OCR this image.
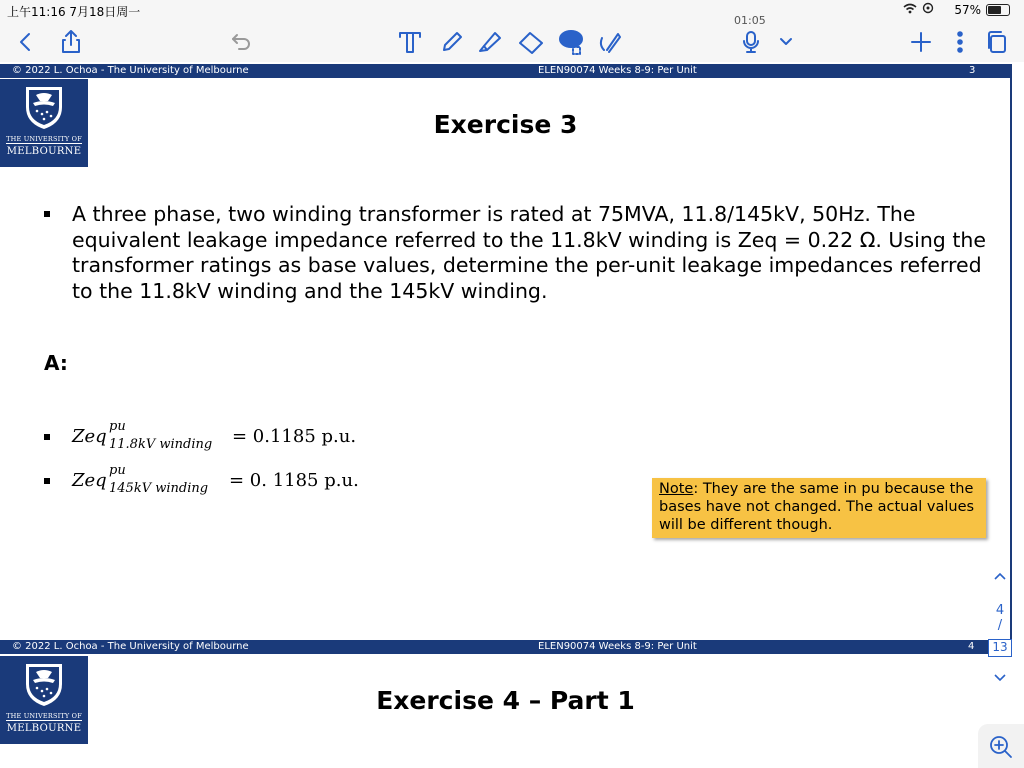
上午11:16 7月18日周一	57%
01:05
© 2022 L. Ochoa - The University of Melbourne	ELEN90074 Weeks 8-9: Per Unit	3
THE UNIVERSITY OF
MELBOURNE
Exercise 3
A three phase, two winding transformer is rated at 75MVA, 11.8/145kV, 50Hz. The equivalent leakage impedance referred to the 11.8kV winding is Zeq = 0.22 Ω. Using the transformer ratings as base values, determine the per-unit leakage impedances referred to the 11.8kV winding and the 145kV winding.
A:
Zeq pu
11.8kV winding = 0.1185 p.u.
Zeq pu
145kV winding = 0. 1185 p.u.	Note: They are the same in pu because the bases have not changed. The actual values will be different though.
© 2022 L. Ochoa - The University of Melbourne	ELEN90074 Weeks 8-9: Per Unit	4
THE UNIVERSITY OF
MELBOURNE
Exercise 4 – Part 1
4
/
13
